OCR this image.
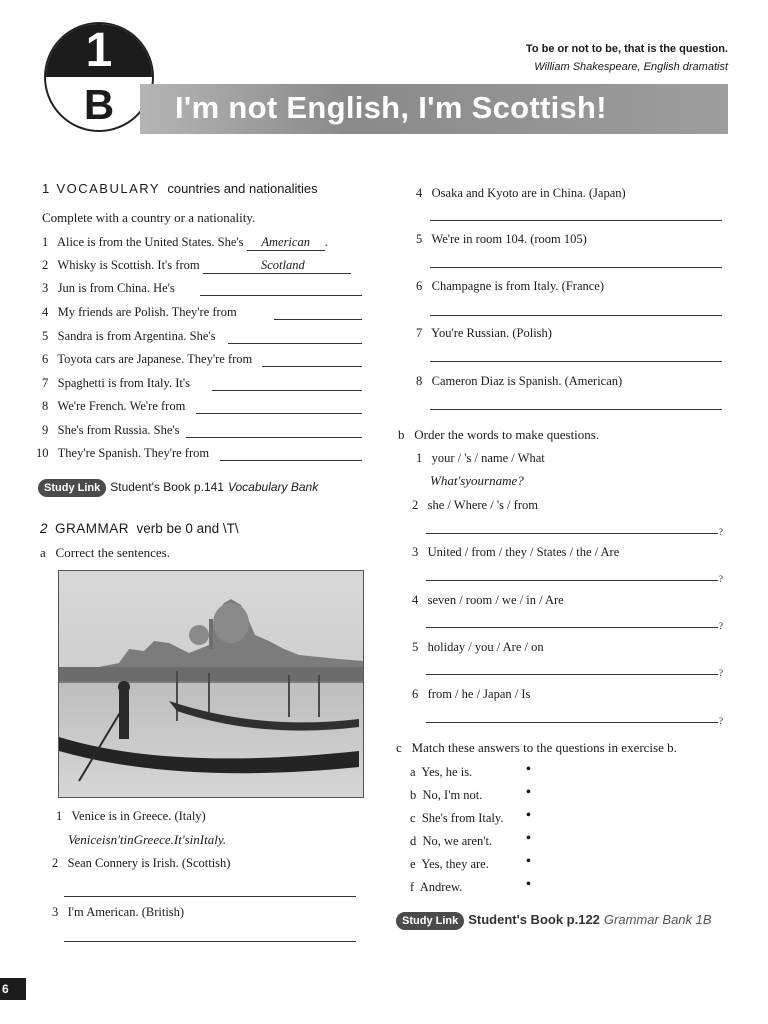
1
B	I'm not English, I'm Scottish!
To be or not to be, that is the question.
William Shakespeare, English dramatist
1 VOCABULARY countries and nationalities
Complete with a country or a nationality.
1 Alice is from the United States. She's American .
2 Whisky is Scottish. It's from	Scotland
3 Jun is from China. He's
4 My friends are Polish. They're from
5 Sandra is from Argentina. She's
6 Toyota cars are Japanese. They're from
7 Spaghetti is from Italy. It's
8 We're French. We're from
9 She's from Russia. She's
10 They're Spanish. They're from
Study Link Student's Book p.141 Vocabulary Bank
2 GRAMMAR verb be 0 and \T\
a Correct the sentences.
1 Venice is in Greece. (Italy)
Veniceisn'tinGreece.It'sinItaly.
2 Sean Connery is Irish. (Scottish)
3 I'm American. (British)
4 Osaka and Kyoto are in China. (Japan)
5 We're in room 104. (room 105)
6 Champagne is from Italy. (France)
7 You're Russian. (Polish)
8 Cameron Diaz is Spanish. (American)
b Order the words to make questions.
1 your / 's / name / What
What'syourname?
2 she / Where / 's / from
?
3 United / from / they / States / the / Are
?
4 seven / room / we / in / Are
?
5 holiday / you / Are / on
?
6 from / he / Japan / Is
?
c Match these answers to the questions in exercise b.
a Yes, he is.	•
b No, I'm not.	•
c She's from Italy. •
d No, we aren't. •
e Yes, they are.	•
f Andrew.	•
Study Link Student's Book p.122 Grammar Bank 1B
6
